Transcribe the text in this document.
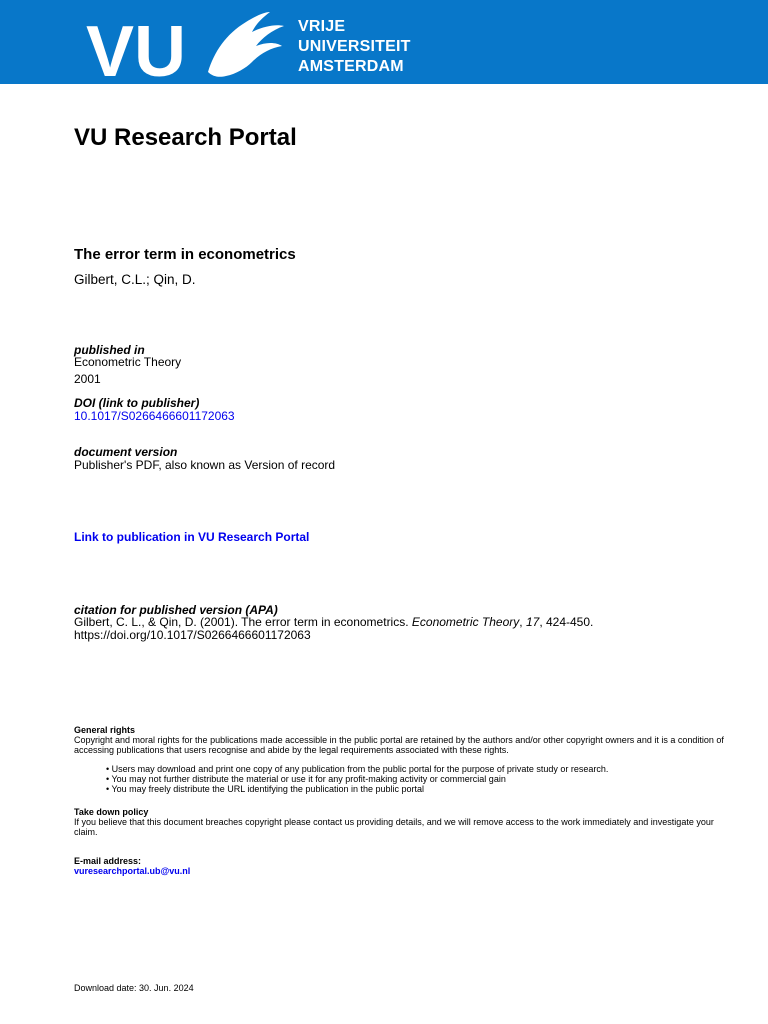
VU	VRIJE
UNIVERSITEIT
AMSTERDAM
VU Research Portal
The error term in econometrics
Gilbert, C.L.; Qin, D.
published in
Econometric Theory
2001
DOI (link to publisher)
10.1017/S0266466601172063
document version
Publisher's PDF, also known as Version of record
Link to publication in VU Research Portal
citation for published version (APA)
Gilbert, C. L., & Qin, D. (2001). The error term in econometrics. Econometric Theory, 17, 424-450.
https://doi.org/10.1017/S0266466601172063
General rights
Copyright and moral rights for the publications made accessible in the public portal are retained by the authors and/or other copyright owners and it is a condition of accessing publications that users recognise and abide by the legal requirements associated with these rights.
• Users may download and print one copy of any publication from the public portal for the purpose of private study or research.
• You may not further distribute the material or use it for any profit-making activity or commercial gain
• You may freely distribute the URL identifying the publication in the public portal
Take down policy
If you believe that this document breaches copyright please contact us providing details, and we will remove access to the work immediately and investigate your claim.
E-mail address:
vuresearchportal.ub@vu.nl
Download date: 30. Jun. 2024
